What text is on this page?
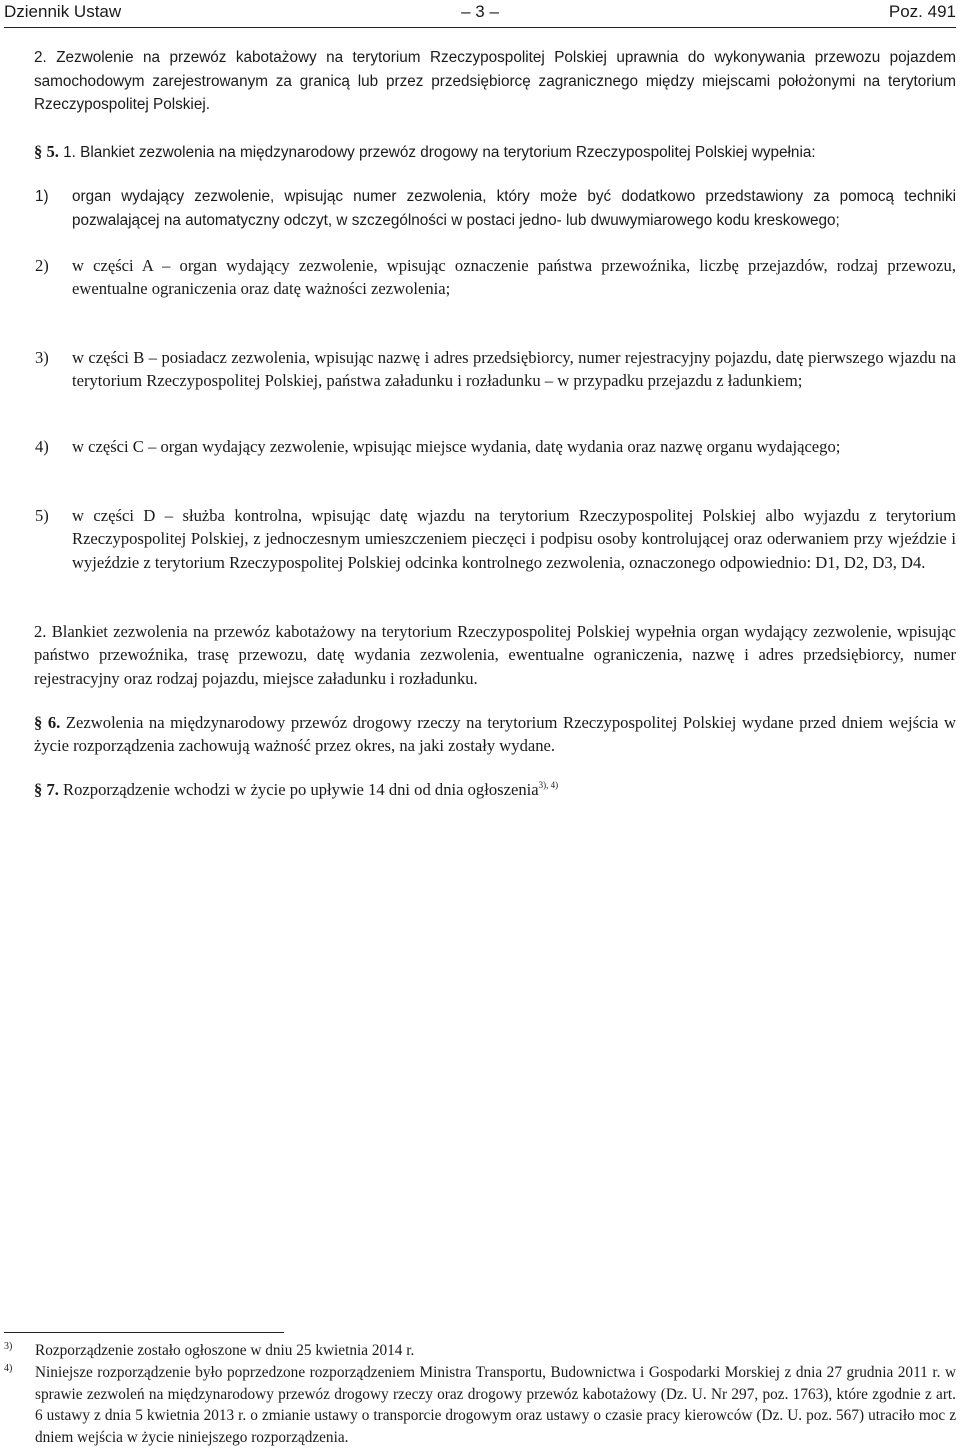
Dziennik Ustaw	– 3 –	Poz. 491

2. Zezwolenie na przewóz kabotażowy na terytorium Rzeczypospolitej Polskiej uprawnia do wykonywania przewozu pojazdem samochodowym zarejestrowanym za granicą lub przez przedsiębiorcę zagranicznego między miejscami położonymi na terytorium Rzeczypospolitej Polskiej.

§ 5. 1. Blankiet zezwolenia na międzynarodowy przewóz drogowy na terytorium Rzeczypospolitej Polskiej wypełnia:

1) organ wydający zezwolenie, wpisując numer zezwolenia, który może być dodatkowo przedstawiony za pomocą techniki pozwalającej na automatyczny odczyt, w szczególności w postaci jedno- lub dwuwymiarowego kodu kreskowego;
2) w części A – organ wydający zezwolenie, wpisując oznaczenie państwa przewoźnika, liczbę przejazdów, rodzaj przewozu, ewentualne ograniczenia oraz datę ważności zezwolenia;
3) w części B – posiadacz zezwolenia, wpisując nazwę i adres przedsiębiorcy, numer rejestracyjny pojazdu, datę pierwszego wjazdu na terytorium Rzeczypospolitej Polskiej, państwa załadunku i rozładunku – w przypadku przejazdu z ładunkiem;
4) w części C – organ wydający zezwolenie, wpisując miejsce wydania, datę wydania oraz nazwę organu wydającego;
5) w części D – służba kontrolna, wpisując datę wjazdu na terytorium Rzeczypospolitej Polskiej albo wyjazdu z terytorium Rzeczypospolitej Polskiej, z jednoczesnym umieszczeniem pieczęci i podpisu osoby kontrolującej oraz oderwaniem przy wjeździe i wyjeździe z terytorium Rzeczypospolitej Polskiej odcinka kontrolnego zezwolenia, oznaczonego odpowiednio: D1, D2, D3, D4.

2. Blankiet zezwolenia na przewóz kabotażowy na terytorium Rzeczypospolitej Polskiej wypełnia organ wydający zezwolenie, wpisując państwo przewoźnika, trasę przewozu, datę wydania zezwolenia, ewentualne ograniczenia, nazwę i adres przedsiębiorcy, numer rejestracyjny oraz rodzaj pojazdu, miejsce załadunku i rozładunku.

§ 6. Zezwolenia na międzynarodowy przewóz drogowy rzeczy na terytorium Rzeczypospolitej Polskiej wydane przed dniem wejścia w życie rozporządzenia zachowują ważność przez okres, na jaki zostały wydane.

§ 7. Rozporządzenie wchodzi w życie po upływie 14 dni od dnia ogłoszenia$^{3), 4)}$

3) Rozporządzenie zostało ogłoszone w dniu 25 kwietnia 2014 r.
4) Niniejsze rozporządzenie było poprzedzone rozporządzeniem Ministra Transportu, Budownictwa i Gospodarki Morskiej z dnia 27 grudnia 2011 r. w sprawie zezwoleń na międzynarodowy przewóz drogowy rzeczy oraz drogowy przewóz kabotażowy (Dz. U. Nr 297, poz. 1763), które zgodnie z art. 6 ustawy z dnia 5 kwietnia 2013 r. o zmianie ustawy o transporcie drogowym oraz ustawy o czasie pracy kierowców (Dz. U. poz. 567) utraciło moc z dniem wejścia w życie niniejszego rozporządzenia.
